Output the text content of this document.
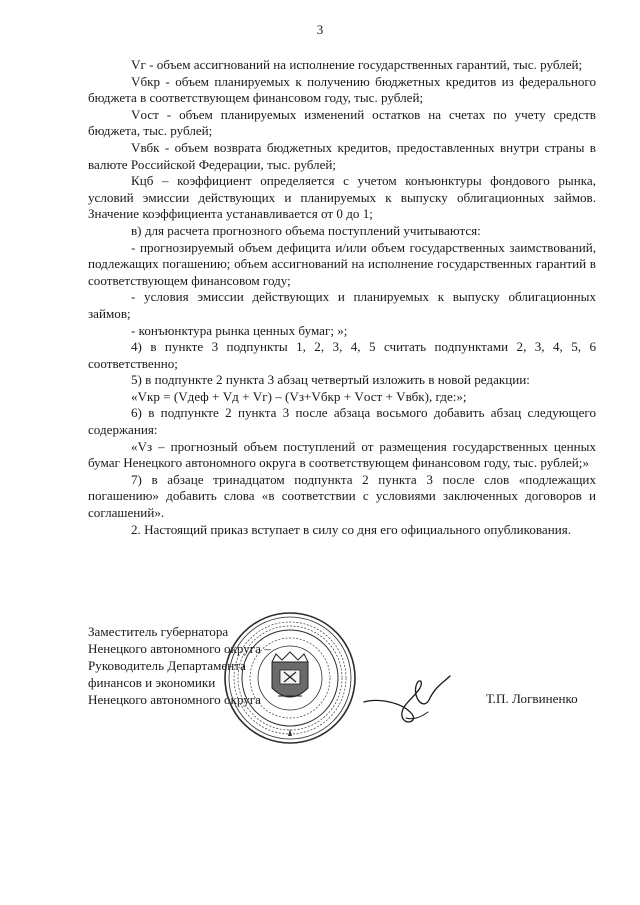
3

Vг - объем ассигнований на исполнение государственных гарантий, тыс. рублей;

Vбкр - объем планируемых к получению бюджетных кредитов из федерального бюджета в соответствующем финансовом году, тыс. рублей;

Vост - объем планируемых изменений остатков на счетах по учету средств бюджета, тыс. рублей;

Vвбк - объем возврата бюджетных кредитов, предоставленных внутри страны в валюте Российской Федерации, тыс. рублей;

Кцб – коэффициент определяется с учетом конъюнктуры фондового рынка, условий эмиссии действующих и планируемых к выпуску облигационных займов. Значение коэффициента устанавливается от 0 до 1;

в) для расчета прогнозного объема поступлений учитываются:

- прогнозируемый объем дефицита и/или объем государственных заимствований, подлежащих погашению; объем ассигнований на исполнение государственных гарантий в соответствующем финансовом году;

- условия эмиссии действующих и планируемых к выпуску облигационных займов;

- конъюнктура рынка ценных бумаг; »;

4) в пункте 3 подпункты 1, 2, 3, 4, 5 считать подпунктами 2, 3, 4, 5, 6 соответственно;

5) в подпункте 2 пункта 3 абзац четвертый изложить в новой редакции:

«Vкр = (Vдеф + Vд + Vг) – (Vз+Vбкр + Vост + Vвбк), где:»;

6) в подпункте 2 пункта 3 после абзаца восьмого добавить абзац следующего содержания:

«Vз – прогнозный объем поступлений от размещения государственных ценных бумаг Ненецкого автономного округа в соответствующем финансовом году, тыс. рублей;»

7) в абзаце тринадцатом подпункта 2 пункта 3 после слов «подлежащих погашению» добавить слова «в соответствии с условиями заключенных договоров и соглашений».

2. Настоящий приказ вступает в силу со дня его официального опубликования.

Заместитель губернатора
Ненецкого автономного округа –
Руководитель Департамента
финансов и экономики
Ненецкого автономного округа	Т.П. Логвиненко
